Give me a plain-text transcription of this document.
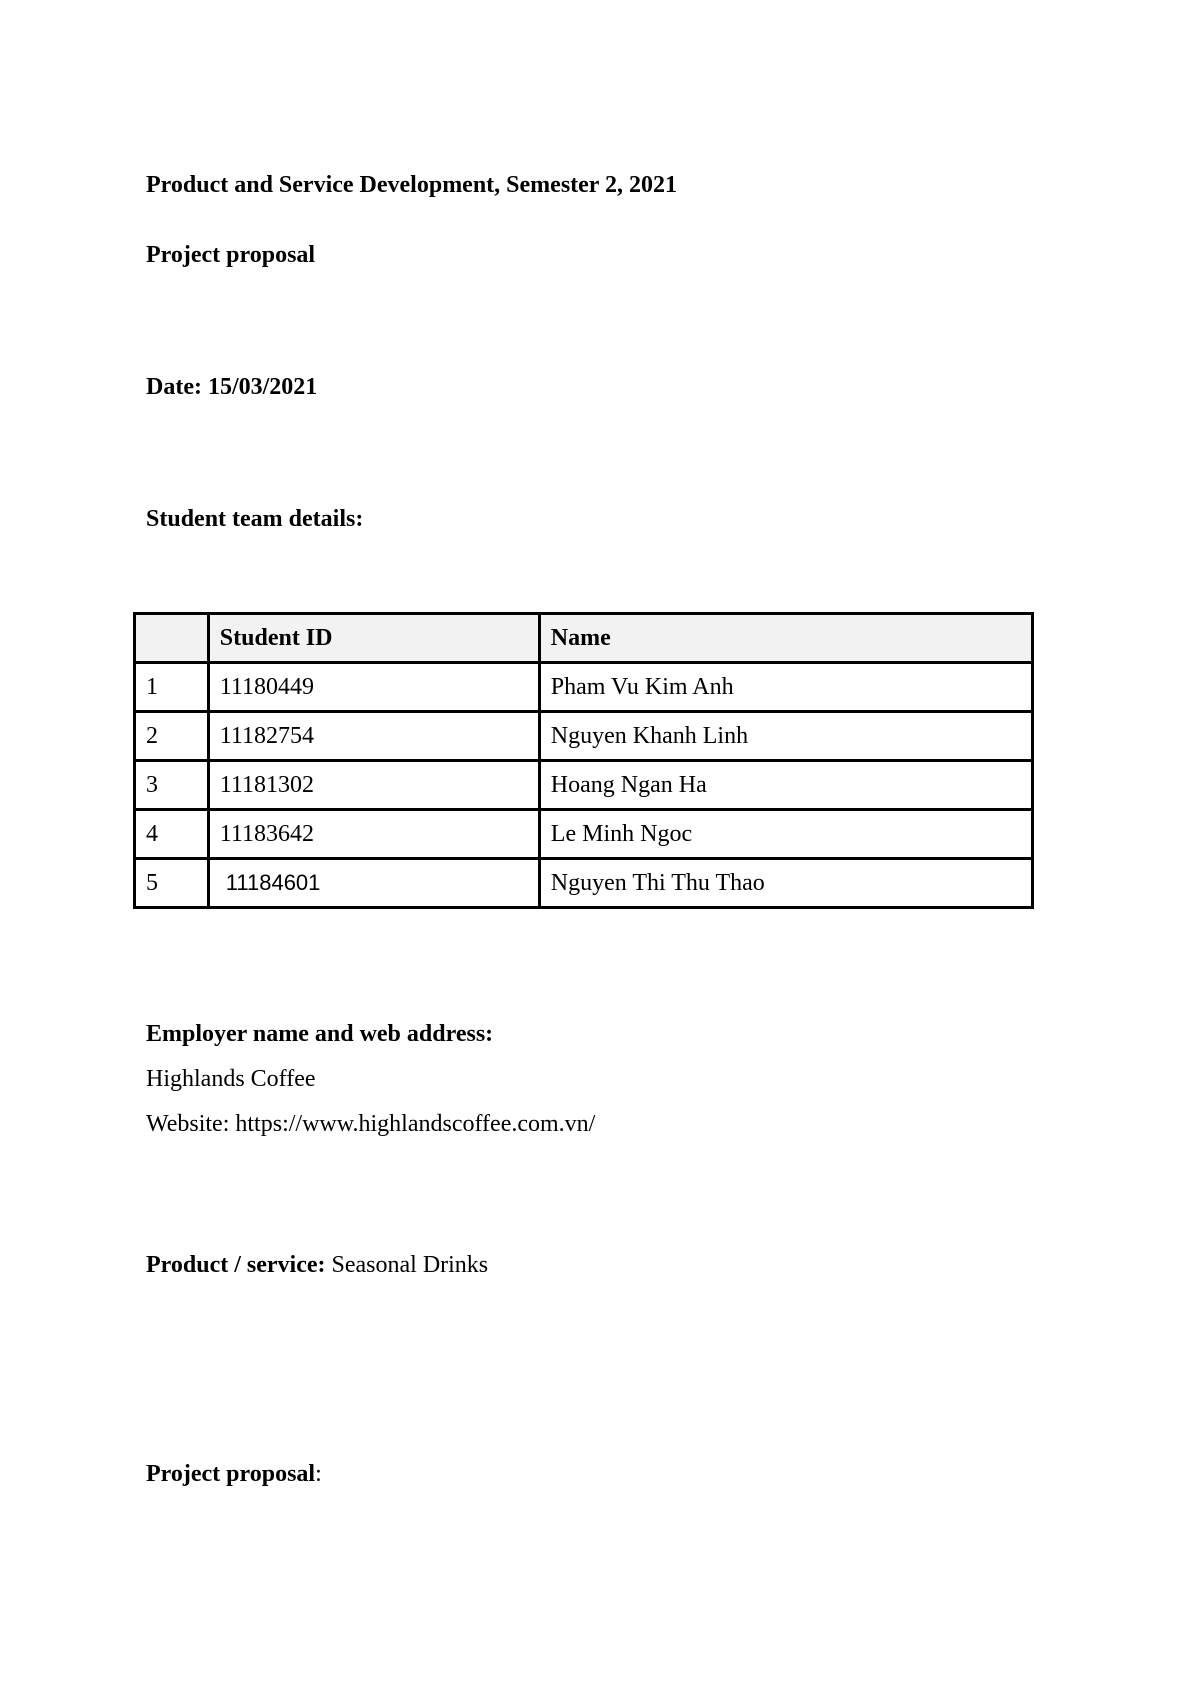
Product and Service Development, Semester 2, 2021
Project proposal
Date: 15/03/2021
Student team details:
	Student ID	Name
1	11180449	Pham Vu Kim Anh
2	11182754	Nguyen Khanh Linh
3	11181302	Hoang Ngan Ha
4	11183642	Le Minh Ngoc
5	11184601	Nguyen Thi Thu Thao
Employer name and web address:
Highlands Coffee
Website: https://www.highlandscoffee.com.vn/
Product / service: Seasonal Drinks
Project proposal:
